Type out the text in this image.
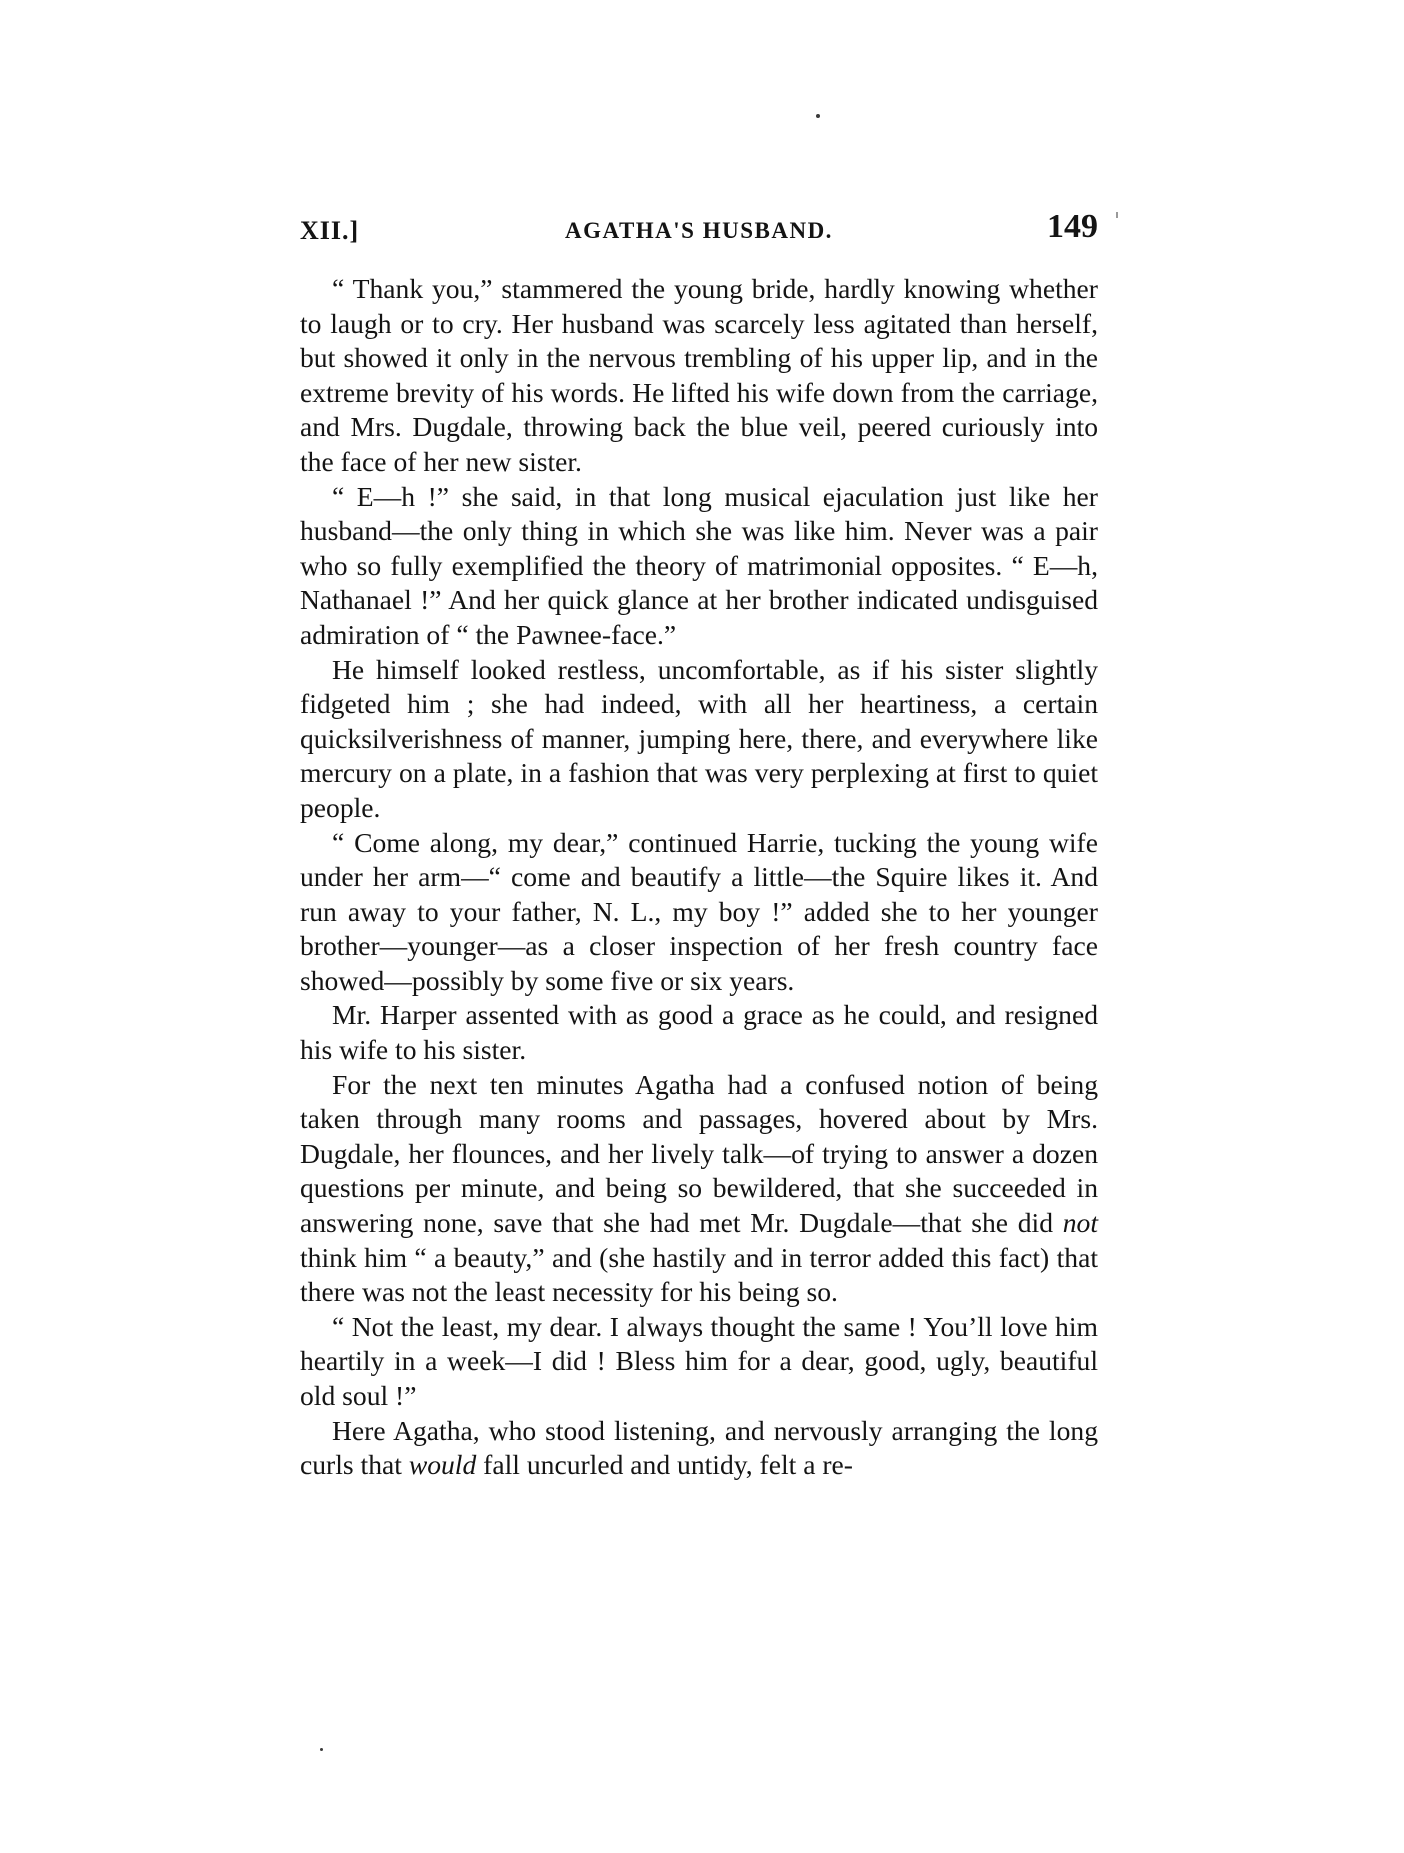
XII.]	AGATHA'S HUSBAND.	149

“ Thank you,” stammered the young bride, hardly knowing whether to laugh or to cry. Her husband was scarcely less agitated than herself, but showed it only in the nervous trembling of his upper lip, and in the extreme brevity of his words. He lifted his wife down from the carriage, and Mrs. Dugdale, throwing back the blue veil, peered curiously into the face of her new sister.

“ E—h !” she said, in that long musical ejaculation just like her husband—the only thing in which she was like him. Never was a pair who so fully exemplified the theory of matrimonial opposites. “ E—h, Nathanael !” And her quick glance at her brother indicated undisguised admiration of “ the Pawnee-face.”

He himself looked restless, uncomfortable, as if his sister slightly fidgeted him ; she had indeed, with all her heartiness, a certain quicksilverishness of manner, jumping here, there, and everywhere like mercury on a plate, in a fashion that was very perplexing at first to quiet people.

“ Come along, my dear,” continued Harrie, tucking the young wife under her arm—“ come and beautify a little—the Squire likes it. And run away to your father, N. L., my boy !” added she to her younger brother—younger—as a closer inspection of her fresh country face showed—possibly by some five or six years.

Mr. Harper assented with as good a grace as he could, and resigned his wife to his sister.

For the next ten minutes Agatha had a confused notion of being taken through many rooms and passages, hovered about by Mrs. Dugdale, her flounces, and her lively talk—of trying to answer a dozen questions per minute, and being so bewildered, that she succeeded in answering none, save that she had met Mr. Dugdale—that she did not think him “ a beauty,” and (she hastily and in terror added this fact) that there was not the least necessity for his being so.

“ Not the least, my dear. I always thought the same ! You’ll love him heartily in a week—I did ! Bless him for a dear, good, ugly, beautiful old soul !”

Here Agatha, who stood listening, and nervously arranging the long curls that would fall uncurled and untidy, felt a re-
